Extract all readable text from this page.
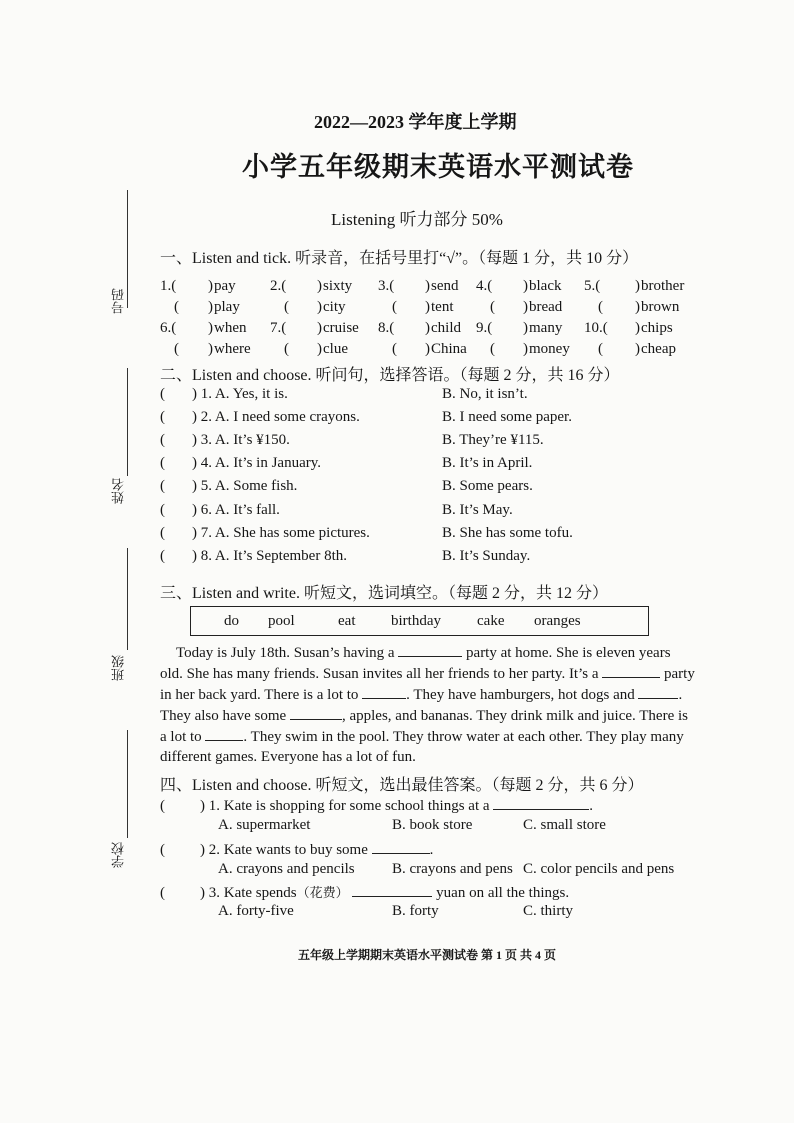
号码
姓名
班级
学校
2022—2023 学年度上学期
小学五年级期末英语水平测试卷
Listening 听力部分 50%
一、Listen and tick. 听录音，在括号里打“√”。（每题 1 分，共 10 分）
1.( ) pay 2.( ) sixty 3.( ) send 4.( ) black 5.( ) brother
( ) play	( ) city	( ) tent ( ) bread ( ) brown
6.( ) when 7.( ) cruise 8.( ) child 9.( ) many 10.( ) chips
( ) where ( ) clue	( ) China ( ) money ( ) cheap
二、Listen and choose. 听问句，选择答语。（每题 2 分，共 16 分）
( ) 1. A. Yes, it is.	B. No, it isn’t.
( ) 2. A. I need some crayons.	B. I need some paper.
( ) 3. A. It’s ¥150.	B. They’re ¥115.
( ) 4. A. It’s in January.	B. It’s in April.
( ) 5. A. Some fish.	B. Some pears.
( ) 6. A. It’s fall.	B. It’s May.
( ) 7. A. She has some pictures.	B. She has some tofu.
( ) 8. A. It’s September 8th.	B. It’s Sunday.
三、Listen and write. 听短文，选词填空。（每题 2 分，共 12 分）
do pool	eat birthday cake oranges
Today is July 18th. Susan’s having a	party at home. She is eleven years
old. She has many friends. Susan invites all her friends to her party. It’s a	party
in her back yard. There is a lot to	. They have hamburgers, hot dogs and	.
They also have some	, apples, and bananas. They drink milk and juice. There is
a lot to	. They swim in the pool. They throw water at each other. They play many
different games. Everyone has a lot of fun.
四、Listen and choose. 听短文，选出最佳答案。（每题 2 分，共 6 分）
( ) 1. Kate is shopping for some school things at a	.
A. supermarket	B. book store	C. small store
( ) 2. Kate wants to buy some	.
A. crayons and pencils B. crayons and pens C. color pencils and pens
( ) 3. Kate spends（花费）	yuan on all the things.
A. forty-five	B. forty	C. thirty
五年级上学期期末英语水平测试卷 第 1 页 共 4 页
